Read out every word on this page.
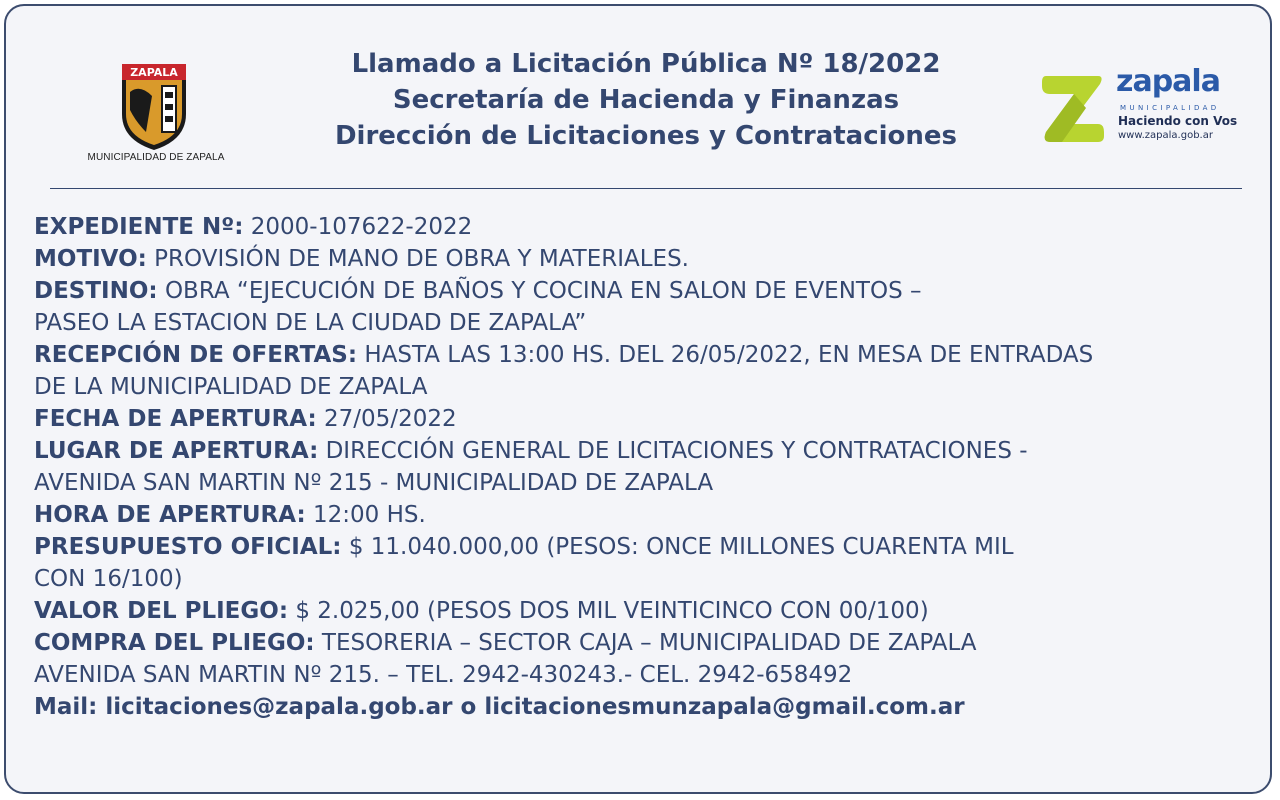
ZAPALA
MUNICIPALIDAD DE ZAPALA
Llamado a Licitación Pública Nº 18/2022
Secretaría de Hacienda y Finanzas
Dirección de Licitaciones y Contrataciones
zapala
MUNICIPALIDAD
Haciendo con Vos
www.zapala.gob.ar
EXPEDIENTE Nº: 2000-107622-2022
MOTIVO: PROVISIÓN DE MANO DE OBRA Y MATERIALES.
DESTINO: OBRA “EJECUCIÓN DE BAÑOS Y COCINA EN SALON DE EVENTOS –
PASEO LA ESTACION DE LA CIUDAD DE ZAPALA”
RECEPCIÓN DE OFERTAS: HASTA LAS 13:00 HS. DEL 26/05/2022, EN MESA DE ENTRADAS
DE LA MUNICIPALIDAD DE ZAPALA
FECHA DE APERTURA: 27/05/2022
LUGAR DE APERTURA: DIRECCIÓN GENERAL DE LICITACIONES Y CONTRATACIONES -
AVENIDA SAN MARTIN Nº 215 - MUNICIPALIDAD DE ZAPALA
HORA DE APERTURA: 12:00 HS.
PRESUPUESTO OFICIAL: $ 11.040.000,00 (PESOS: ONCE MILLONES CUARENTA MIL
CON 16/100)
VALOR DEL PLIEGO: $ 2.025,00 (PESOS DOS MIL VEINTICINCO CON 00/100)
COMPRA DEL PLIEGO: TESORERIA – SECTOR CAJA – MUNICIPALIDAD DE ZAPALA
AVENIDA SAN MARTIN Nº 215. – TEL. 2942-430243.- CEL. 2942-658492
Mail: licitaciones@zapala.gob.ar o licitacionesmunzapala@gmail.com.ar
